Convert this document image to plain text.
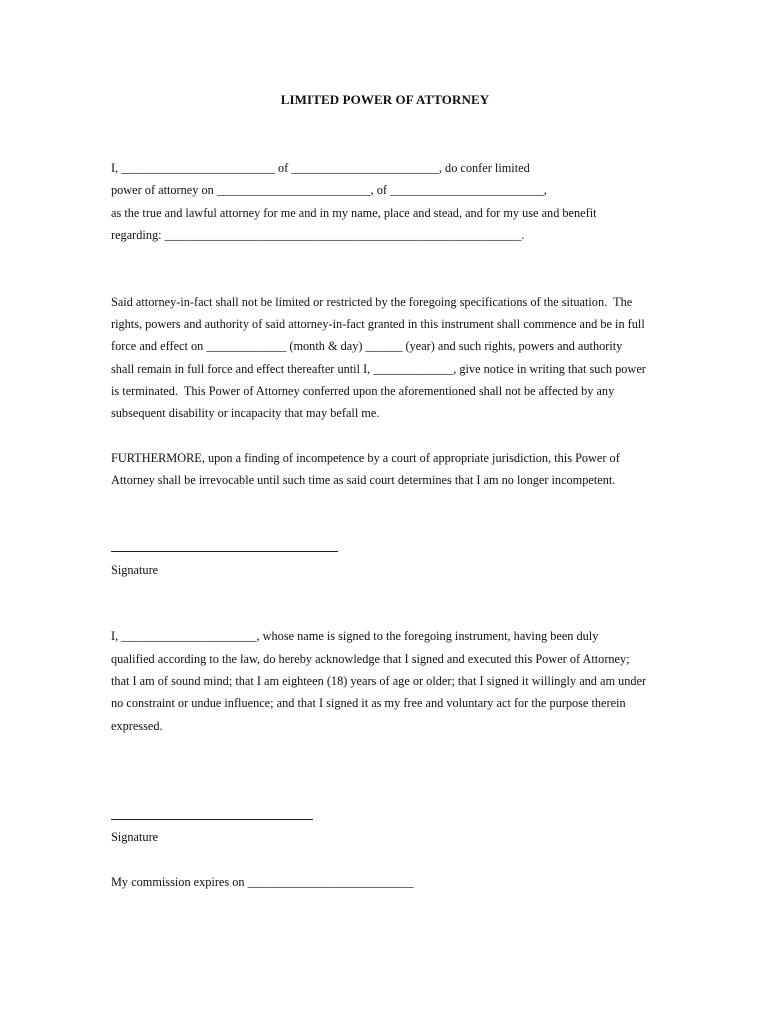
LIMITED POWER OF ATTORNEY
I, _________________________ of ________________________, do confer limited
power of attorney on _________________________, of _________________________,
as the true and lawful attorney for me and in my name, place and stead, and for my use and benefit
regarding: __________________________________________________________.
Said attorney-in-fact shall not be limited or restricted by the foregoing specifications of the situation.  The
rights, powers and authority of said attorney-in-fact granted in this instrument shall commence and be in full
force and effect on _____________ (month & day) ______ (year) and such rights, powers and authority
shall remain in full force and effect thereafter until I, _____________, give notice in writing that such power
is terminated.  This Power of Attorney conferred upon the aforementioned shall not be affected by any
subsequent disability or incapacity that may befall me.
FURTHERMORE, upon a finding of incompetence by a court of appropriate jurisdiction, this Power of
Attorney shall be irrevocable until such time as said court determines that I am no longer incompetent.
Signature
I, ______________________, whose name is signed to the foregoing instrument, having been duly
qualified according to the law, do hereby acknowledge that I signed and executed this Power of Attorney;
that I am of sound mind; that I am eighteen (18) years of age or older; that I signed it willingly and am under
no constraint or undue influence; and that I signed it as my free and voluntary act for the purpose therein
expressed.
Signature
My commission expires on ___________________________
